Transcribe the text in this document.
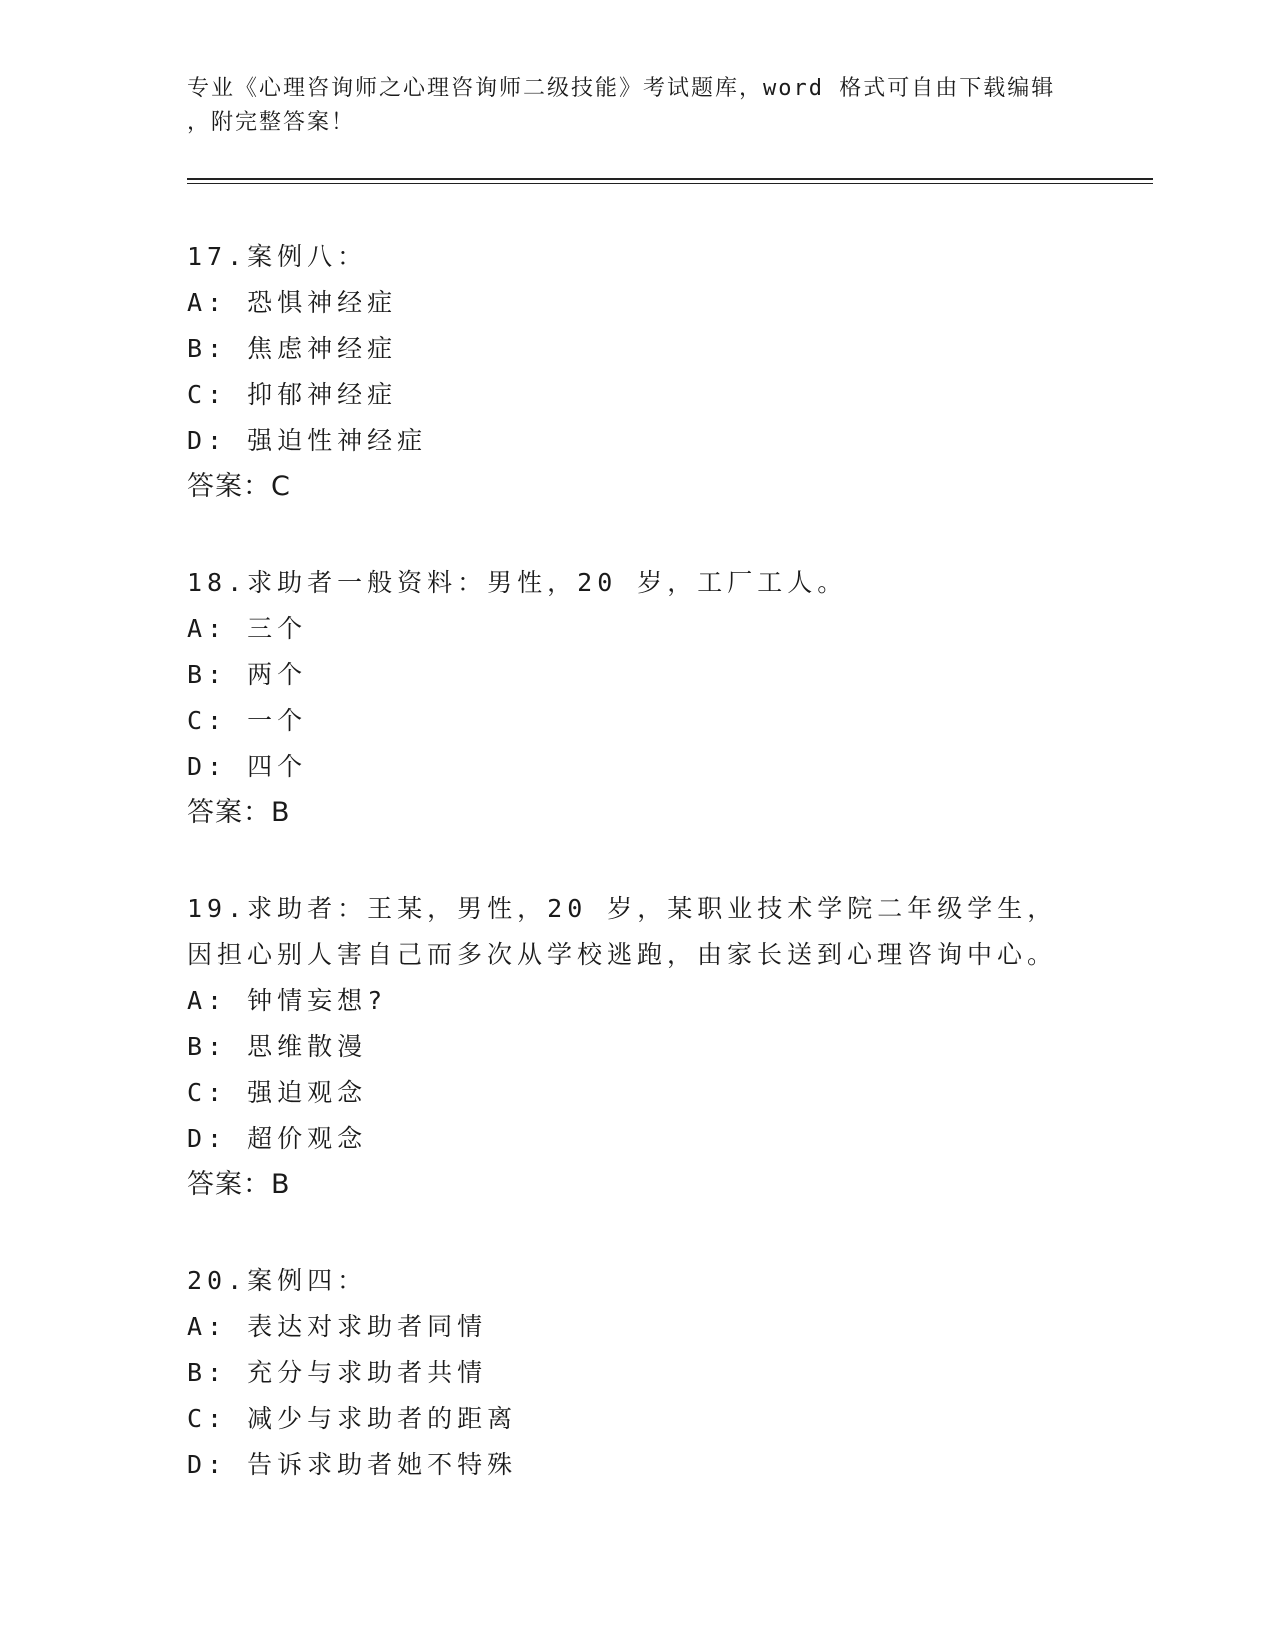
专业《心理咨询师之心理咨询师二级技能》考试题库，word 格式可自由下载编辑
，附完整答案！
17.案例八：
A: 恐惧神经症
B: 焦虑神经症
C: 抑郁神经症
D: 强迫性神经症
答案：C
18.求助者一般资料：男性，20 岁，工厂工人。
A: 三个
B: 两个
C: 一个
D: 四个
答案：B
19.求助者：王某，男性，20 岁，某职业技术学院二年级学生，因担心别人害自己而多次从学校逃跑，由家长送到心理咨询中心。
A: 钟情妄想?
B: 思维散漫
C: 强迫观念
D: 超价观念
答案：B
20.案例四：
A: 表达对求助者同情
B: 充分与求助者共情
C: 减少与求助者的距离
D: 告诉求助者她不特殊
